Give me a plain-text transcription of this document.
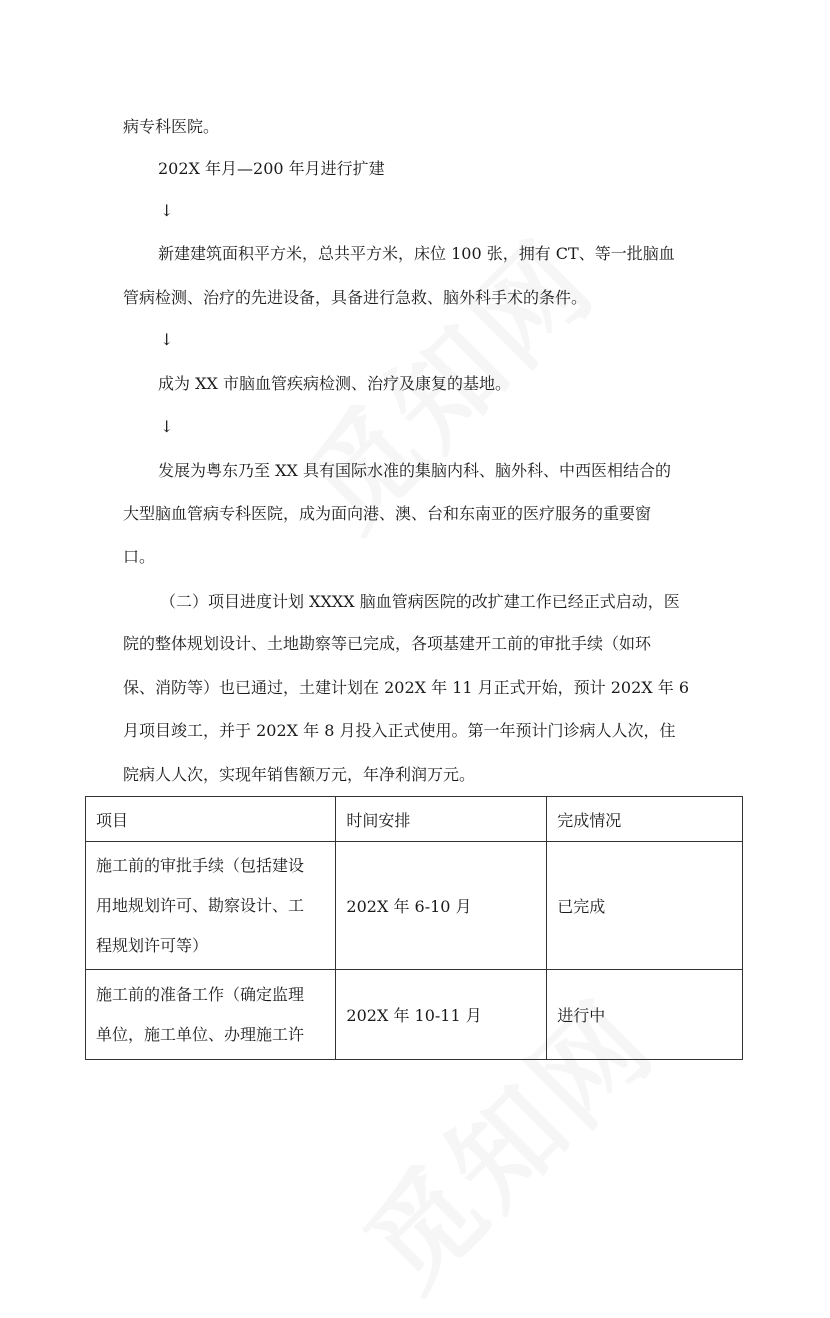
病专科医院。
202X 年月—200 年月进行扩建
↓
新建建筑面积平方米，总共平方米，床位 100 张，拥有 CT、等一批脑血
管病检测、治疗的先进设备，具备进行急救、脑外科手术的条件。
↓
成为 XX 市脑血管疾病检测、治疗及康复的基地。
↓
发展为粤东乃至 XX 具有国际水准的集脑内科、脑外科、中西医相结合的
大型脑血管病专科医院，成为面向港、澳、台和东南亚的医疗服务的重要窗
口。
（二）项目进度计划 XXXX 脑血管病医院的改扩建工作已经正式启动，医
院的整体规划设计、土地勘察等已完成，各项基建开工前的审批手续（如环
保、消防等）也已通过，土建计划在 202X 年 11 月正式开始，预计 202X 年 6
月项目竣工，并于 202X 年 8 月投入正式使用。第一年预计门诊病人人次，住
院病人人次，实现年销售额万元，年净利润万元。
项目	时间安排	完成情况

施工前的审批手续（包括建设
用地规划许可、勘察设计、工
程规划许可等）	202X 年 6-10 月	已完成

施工前的准备工作（确定监理
单位，施工单位、办理施工许	202X 年 10-11 月	进行中
